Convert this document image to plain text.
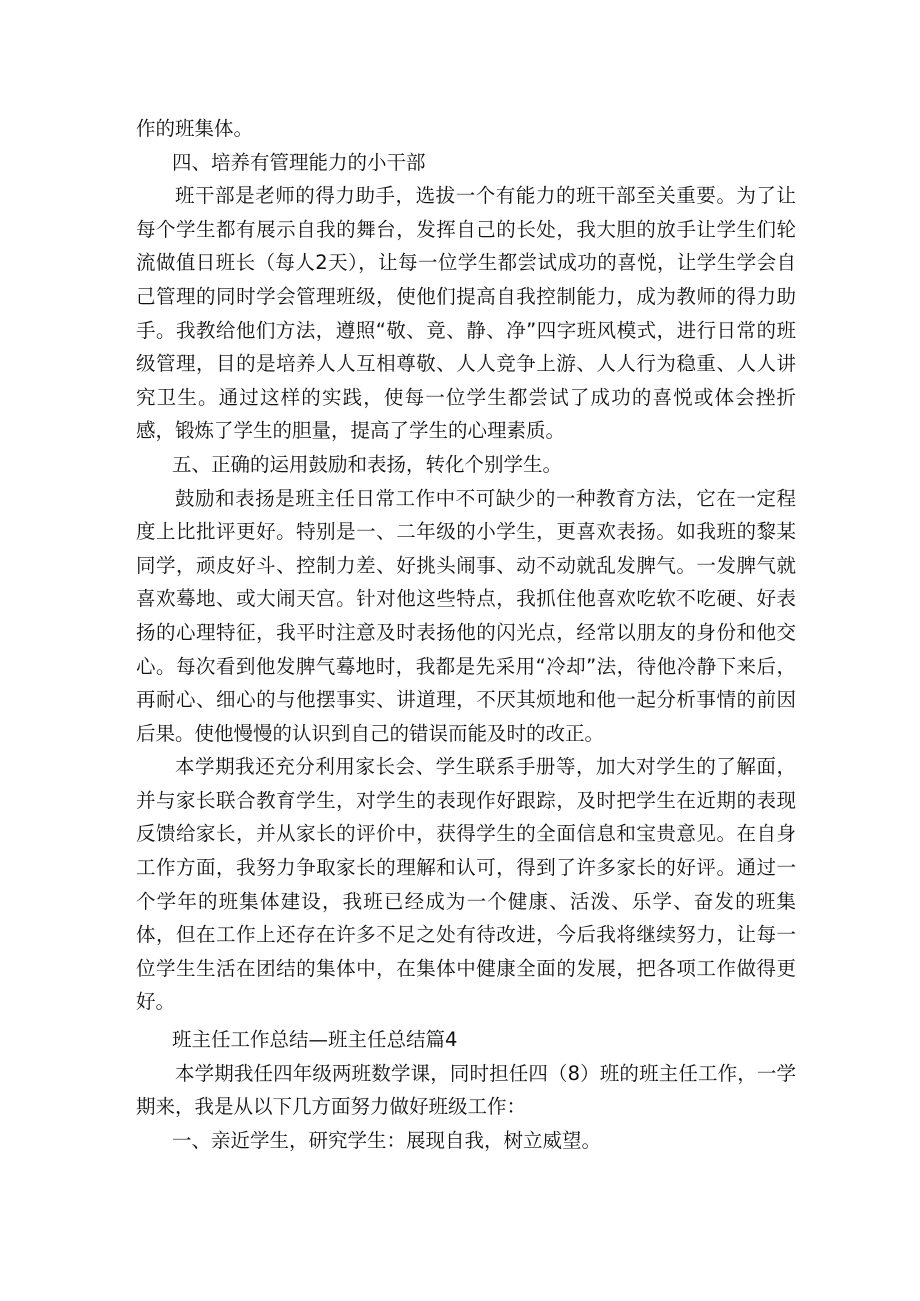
作的班集体。

四、培养有管理能力的小干部

班干部是老师的得力助手，选拔一个有能力的班干部至关重要。为了让每个学生都有展示自我的舞台，发挥自己的长处，我大胆的放手让学生们轮流做值日班长（每人2天），让每一位学生都尝试成功的喜悦，让学生学会自己管理的同时学会管理班级，使他们提高自我控制能力，成为教师的得力助手。我教给他们方法，遵照“敬、竟、静、净”四字班风模式，进行日常的班级管理，目的是培养人人互相尊敬、人人竞争上游、人人行为稳重、人人讲究卫生。通过这样的实践，使每一位学生都尝试了成功的喜悦或体会挫折感，锻炼了学生的胆量，提高了学生的心理素质。

五、正确的运用鼓励和表扬，转化个别学生。

鼓励和表扬是班主任日常工作中不可缺少的一种教育方法，它在一定程度上比批评更好。特别是一、二年级的小学生，更喜欢表扬。如我班的黎某同学，顽皮好斗、控制力差、好挑头闹事、动不动就乱发脾气。一发脾气就喜欢蓦地、或大闹天宫。针对他这些特点，我抓住他喜欢吃软不吃硬、好表扬的心理特征，我平时注意及时表扬他的闪光点，经常以朋友的身份和他交心。每次看到他发脾气蓦地时，我都是先采用“冷却”法，待他冷静下来后，再耐心、细心的与他摆事实、讲道理，不厌其烦地和他一起分析事情的前因后果。使他慢慢的认识到自己的错误而能及时的改正。

本学期我还充分利用家长会、学生联系手册等，加大对学生的了解面，并与家长联合教育学生，对学生的表现作好跟踪，及时把学生在近期的表现反馈给家长，并从家长的评价中，获得学生的全面信息和宝贵意见。在自身工作方面，我努力争取家长的理解和认可，得到了许多家长的好评。通过一个学年的班集体建设，我班已经成为一个健康、活泼、乐学、奋发的班集体，但在工作上还存在许多不足之处有待改进，今后我将继续努力，让每一位学生生活在团结的集体中，在集体中健康全面的发展，把各项工作做得更好。

班主任工作总结—班主任总结篇4

本学期我任四年级两班数学课，同时担任四（8）班的班主任工作，一学期来，我是从以下几方面努力做好班级工作：

一、亲近学生，研究学生：展现自我，树立威望。
